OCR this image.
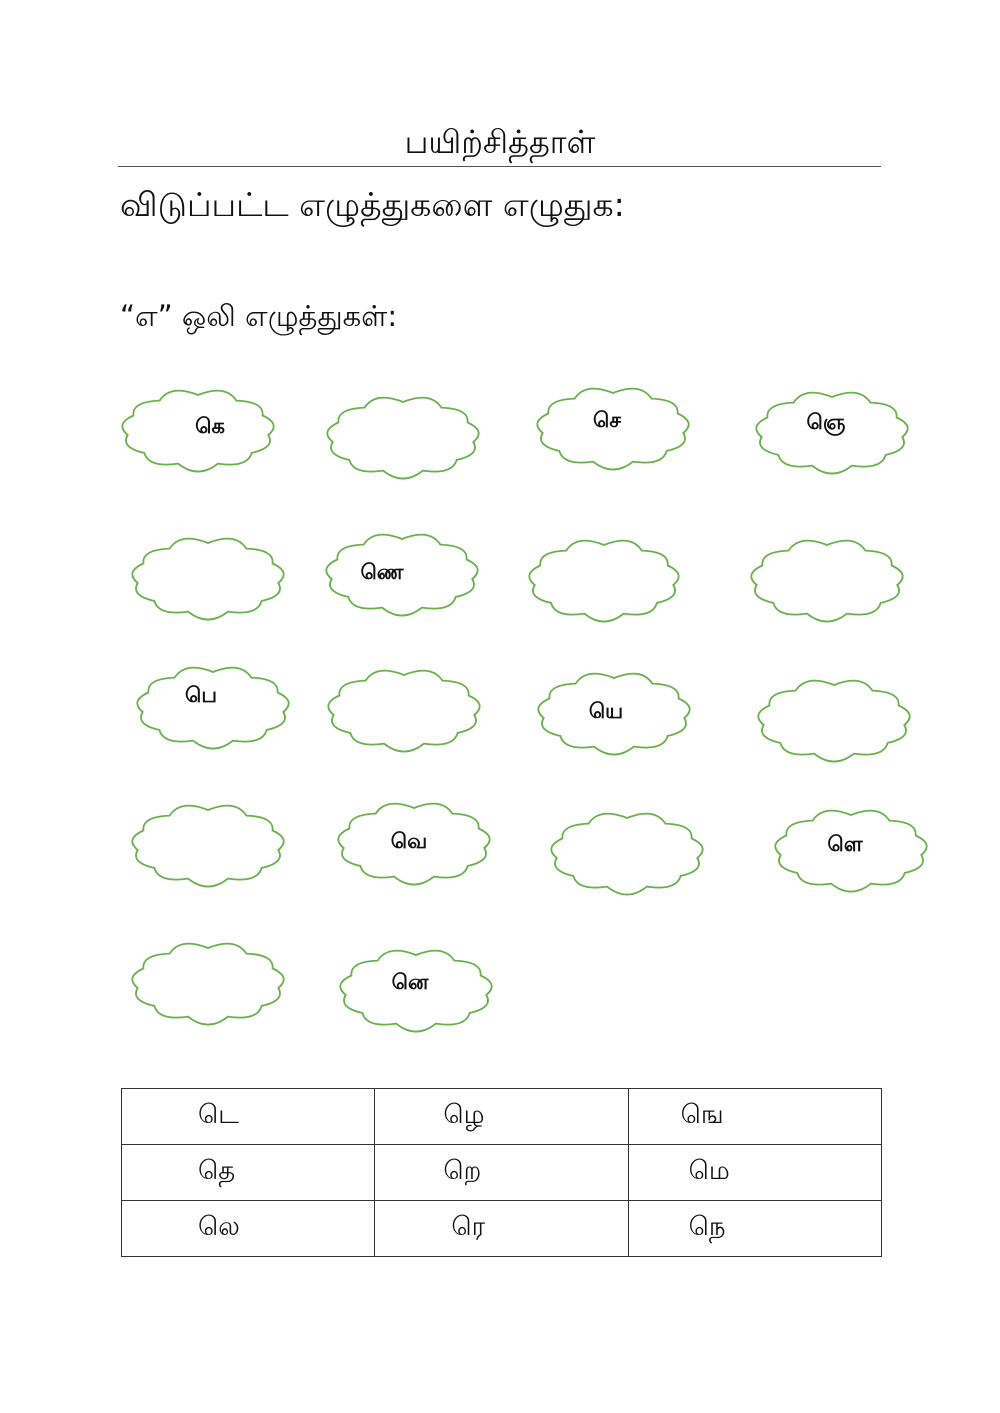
பயிற்சித்தாள்
விடுப்பட்ட எழுத்துகளை எழுதுக:
“எ” ஒலி எழுத்துகள்:
கெ	செ	ஞெ
ணெ
பெ
யெ
வெ	ளெ
னெ
டெ	ழெ	ஙெ
தெ	றெ	மெ
லெ	ரெ	நெ
